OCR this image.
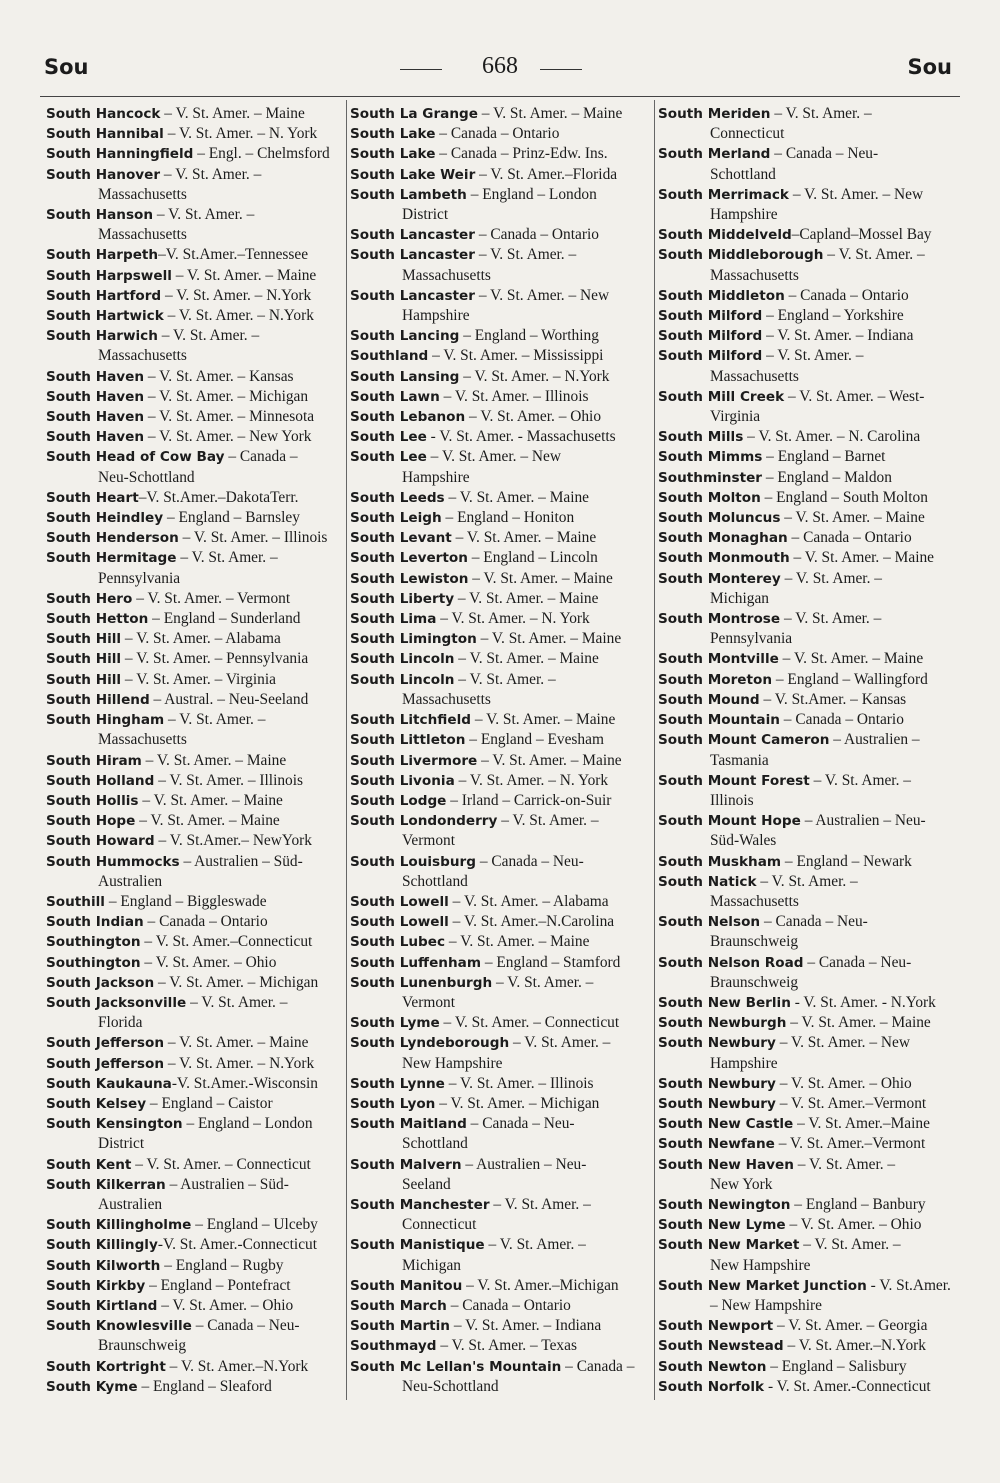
Sou	668	Sou
South Hancock – V. St. Amer. – Maine
South Hannibal – V. St. Amer. – N. York
South Hanningfield – Engl. – Chelmsford
South Hanover – V. St. Amer. –
Massachusetts
South Hanson – V. St. Amer. –
Massachusetts
South Harpeth–V. St.Amer.–Tennessee
South Harpswell – V. St. Amer. – Maine
South Hartford – V. St. Amer. – N.York
South Hartwick – V. St. Amer. – N.York
South Harwich – V. St. Amer. –
Massachusetts
South Haven – V. St. Amer. – Kansas
South Haven – V. St. Amer. – Michigan
South Haven – V. St. Amer. – Minnesota
South Haven – V. St. Amer. – New York
South Head of Cow Bay – Canada –
Neu-Schottland
South Heart–V. St.Amer.–DakotaTerr.
South Heindley – England – Barnsley
South Henderson – V. St. Amer. – Illinois
South Hermitage – V. St. Amer. –
Pennsylvania
South Hero – V. St. Amer. – Vermont
South Hetton – England – Sunderland
South Hill – V. St. Amer. – Alabama
South Hill – V. St. Amer. – Pennsylvania
South Hill – V. St. Amer. – Virginia
South Hillend – Austral. – Neu-Seeland
South Hingham – V. St. Amer. –
Massachusetts
South Hiram – V. St. Amer. – Maine
South Holland – V. St. Amer. – Illinois
South Hollis – V. St. Amer. – Maine
South Hope – V. St. Amer. – Maine
South Howard – V. St.Amer.– NewYork
South Hummocks – Australien – Süd-
Australien
Southill – England – Biggleswade
South Indian – Canada – Ontario
Southington – V. St. Amer.–Connecticut
Southington – V. St. Amer. – Ohio
South Jackson – V. St. Amer. – Michigan
South Jacksonville – V. St. Amer. –
Florida
South Jefferson – V. St. Amer. – Maine
South Jefferson – V. St. Amer. – N.York
South Kaukauna-V. St.Amer.-Wisconsin
South Kelsey – England – Caistor
South Kensington – England – London
District
South Kent – V. St. Amer. – Connecticut
South Kilkerran – Australien – Süd-
Australien
South Killingholme – England – Ulceby
South Killingly-V. St. Amer.-Connecticut
South Kilworth – England – Rugby
South Kirkby – England – Pontefract
South Kirtland – V. St. Amer. – Ohio
South Knowlesville – Canada – Neu-
Braunschweig
South Kortright – V. St. Amer.–N.York
South Kyme – England – Sleaford
South La Grange – V. St. Amer. – Maine
South Lake – Canada – Ontario
South Lake – Canada – Prinz-Edw. Ins.
South Lake Weir – V. St. Amer.–Florida
South Lambeth – England – London
District
South Lancaster – Canada – Ontario
South Lancaster – V. St. Amer. –
Massachusetts
South Lancaster – V. St. Amer. – New
Hampshire
South Lancing – England – Worthing
Southland – V. St. Amer. – Mississippi
South Lansing – V. St. Amer. – N.York
South Lawn – V. St. Amer. – Illinois
South Lebanon – V. St. Amer. – Ohio
South Lee - V. St. Amer. - Massachusetts
South Lee – V. St. Amer. – New
Hampshire
South Leeds – V. St. Amer. – Maine
South Leigh – England – Honiton
South Levant – V. St. Amer. – Maine
South Leverton – England – Lincoln
South Lewiston – V. St. Amer. – Maine
South Liberty – V. St. Amer. – Maine
South Lima – V. St. Amer. – N. York
South Limington – V. St. Amer. – Maine
South Lincoln – V. St. Amer. – Maine
South Lincoln – V. St. Amer. –
Massachusetts
South Litchfield – V. St. Amer. – Maine
South Littleton – England – Evesham
South Livermore – V. St. Amer. – Maine
South Livonia – V. St. Amer. – N. York
South Lodge – Irland – Carrick-on-Suir
South Londonderry – V. St. Amer. –
Vermont
South Louisburg – Canada – Neu-
Schottland
South Lowell – V. St. Amer. – Alabama
South Lowell – V. St. Amer.–N.Carolina
South Lubec – V. St. Amer. – Maine
South Luffenham – England – Stamford
South Lunenburgh – V. St. Amer. –
Vermont
South Lyme – V. St. Amer. – Connecticut
South Lyndeborough – V. St. Amer. –
New Hampshire
South Lynne – V. St. Amer. – Illinois
South Lyon – V. St. Amer. – Michigan
South Maitland – Canada – Neu-
Schottland
South Malvern – Australien – Neu-
Seeland
South Manchester – V. St. Amer. –
Connecticut
South Manistique – V. St. Amer. –
Michigan
South Manitou – V. St. Amer.–Michigan
South March – Canada – Ontario
South Martin – V. St. Amer. – Indiana
Southmayd – V. St. Amer. – Texas
South Mc Lellan's Mountain – Canada –
Neu-Schottland
South Meriden – V. St. Amer. –
Connecticut
South Merland – Canada – Neu-
Schottland
South Merrimack – V. St. Amer. – New
Hampshire
South Middelveld–Capland–Mossel Bay
South Middleborough – V. St. Amer. –
Massachusetts
South Middleton – Canada – Ontario
South Milford – England – Yorkshire
South Milford – V. St. Amer. – Indiana
South Milford – V. St. Amer. –
Massachusetts
South Mill Creek – V. St. Amer. – West-
Virginia
South Mills – V. St. Amer. – N. Carolina
South Mimms – England – Barnet
Southminster – England – Maldon
South Molton – England – South Molton
South Moluncus – V. St. Amer. – Maine
South Monaghan – Canada – Ontario
South Monmouth – V. St. Amer. – Maine
South Monterey – V. St. Amer. –
Michigan
South Montrose – V. St. Amer. –
Pennsylvania
South Montville – V. St. Amer. – Maine
South Moreton – England – Wallingford
South Mound – V. St.Amer. – Kansas
South Mountain – Canada – Ontario
South Mount Cameron – Australien –
Tasmania
South Mount Forest – V. St. Amer. –
Illinois
South Mount Hope – Australien – Neu-
Süd-Wales
South Muskham – England – Newark
South Natick – V. St. Amer. –
Massachusetts
South Nelson – Canada – Neu-
Braunschweig
South Nelson Road – Canada – Neu-
Braunschweig
South New Berlin - V. St. Amer. - N.York
South Newburgh – V. St. Amer. – Maine
South Newbury – V. St. Amer. – New
Hampshire
South Newbury – V. St. Amer. – Ohio
South Newbury – V. St. Amer.–Vermont
South New Castle – V. St. Amer.–Maine
South Newfane – V. St. Amer.–Vermont
South New Haven – V. St. Amer. –
New York
South Newington – England – Banbury
South New Lyme – V. St. Amer. – Ohio
South New Market – V. St. Amer. –
New Hampshire
South New Market Junction - V. St.Amer.
– New Hampshire
South Newport – V. St. Amer. – Georgia
South Newstead – V. St. Amer.–N.York
South Newton – England – Salisbury
South Norfolk - V. St. Amer.-Connecticut
